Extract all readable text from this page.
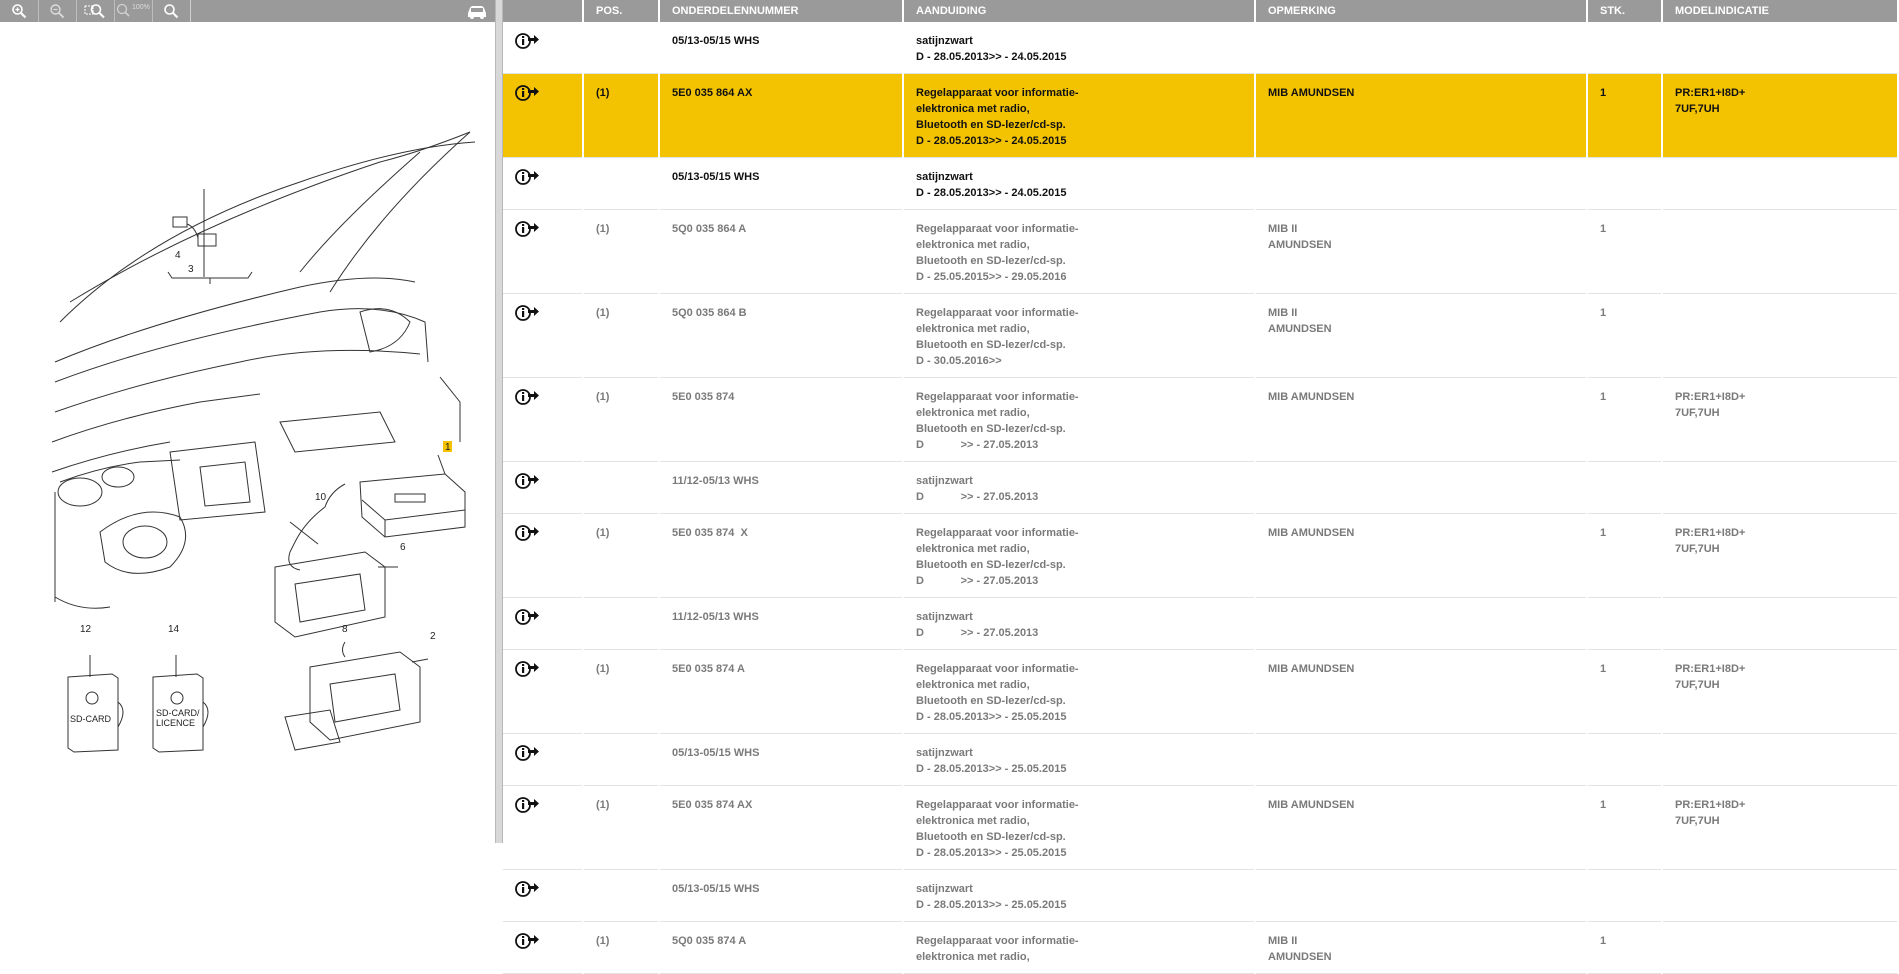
100%
1
2
3
4
6
8
10
12	14
SD-CARD
SD-CARD/
LICENCE
	POS.	ONDERDELENNUMMER	AANDUIDING	OPMERKING	STK.	MODELINDICATIE

		05/13-05/15 WHS	satijnzwart
D - 28.05.2013>> - 24.05.2015			

	(1)	5E0 035 864 AX	Regelapparaat voor informatie-
elektronica met radio,
Bluetooth en SD-lezer/cd-sp.
D - 28.05.2013>> - 24.05.2015	MIB AMUNDSEN	1	PR:ER1+I8D+
7UF,7UH

		05/13-05/15 WHS	satijnzwart
D - 28.05.2013>> - 24.05.2015			

	(1)	5Q0 035 864 A	Regelapparaat voor informatie-
elektronica met radio,
Bluetooth en SD-lezer/cd-sp.
D - 25.05.2015>> - 29.05.2016	MIB II
AMUNDSEN	1	

	(1)	5Q0 035 864 B	Regelapparaat voor informatie-
elektronica met radio,
Bluetooth en SD-lezer/cd-sp.
D - 30.05.2016>>	MIB II
AMUNDSEN	1	

	(1)	5E0 035 874	Regelapparaat voor informatie-
elektronica met radio,
Bluetooth en SD-lezer/cd-sp.
D            >> - 27.05.2013	MIB AMUNDSEN	1	PR:ER1+I8D+
7UF,7UH

		11/12-05/13 WHS	satijnzwart
D            >> - 27.05.2013			

	(1)	5E0 035 874  X	Regelapparaat voor informatie-
elektronica met radio,
Bluetooth en SD-lezer/cd-sp.
D            >> - 27.05.2013	MIB AMUNDSEN	1	PR:ER1+I8D+
7UF,7UH

		11/12-05/13 WHS	satijnzwart
D            >> - 27.05.2013			

	(1)	5E0 035 874 A	Regelapparaat voor informatie-
elektronica met radio,
Bluetooth en SD-lezer/cd-sp.
D - 28.05.2013>> - 25.05.2015	MIB AMUNDSEN	1	PR:ER1+I8D+
7UF,7UH

		05/13-05/15 WHS	satijnzwart
D - 28.05.2013>> - 25.05.2015			

	(1)	5E0 035 874 AX	Regelapparaat voor informatie-
elektronica met radio,
Bluetooth en SD-lezer/cd-sp.
D - 28.05.2013>> - 25.05.2015	MIB AMUNDSEN	1	PR:ER1+I8D+
7UF,7UH

		05/13-05/15 WHS	satijnzwart
D - 28.05.2013>> - 25.05.2015			

	(1)	5Q0 035 874 A	Regelapparaat voor informatie-
elektronica met radio,	MIB II
AMUNDSEN	1	
